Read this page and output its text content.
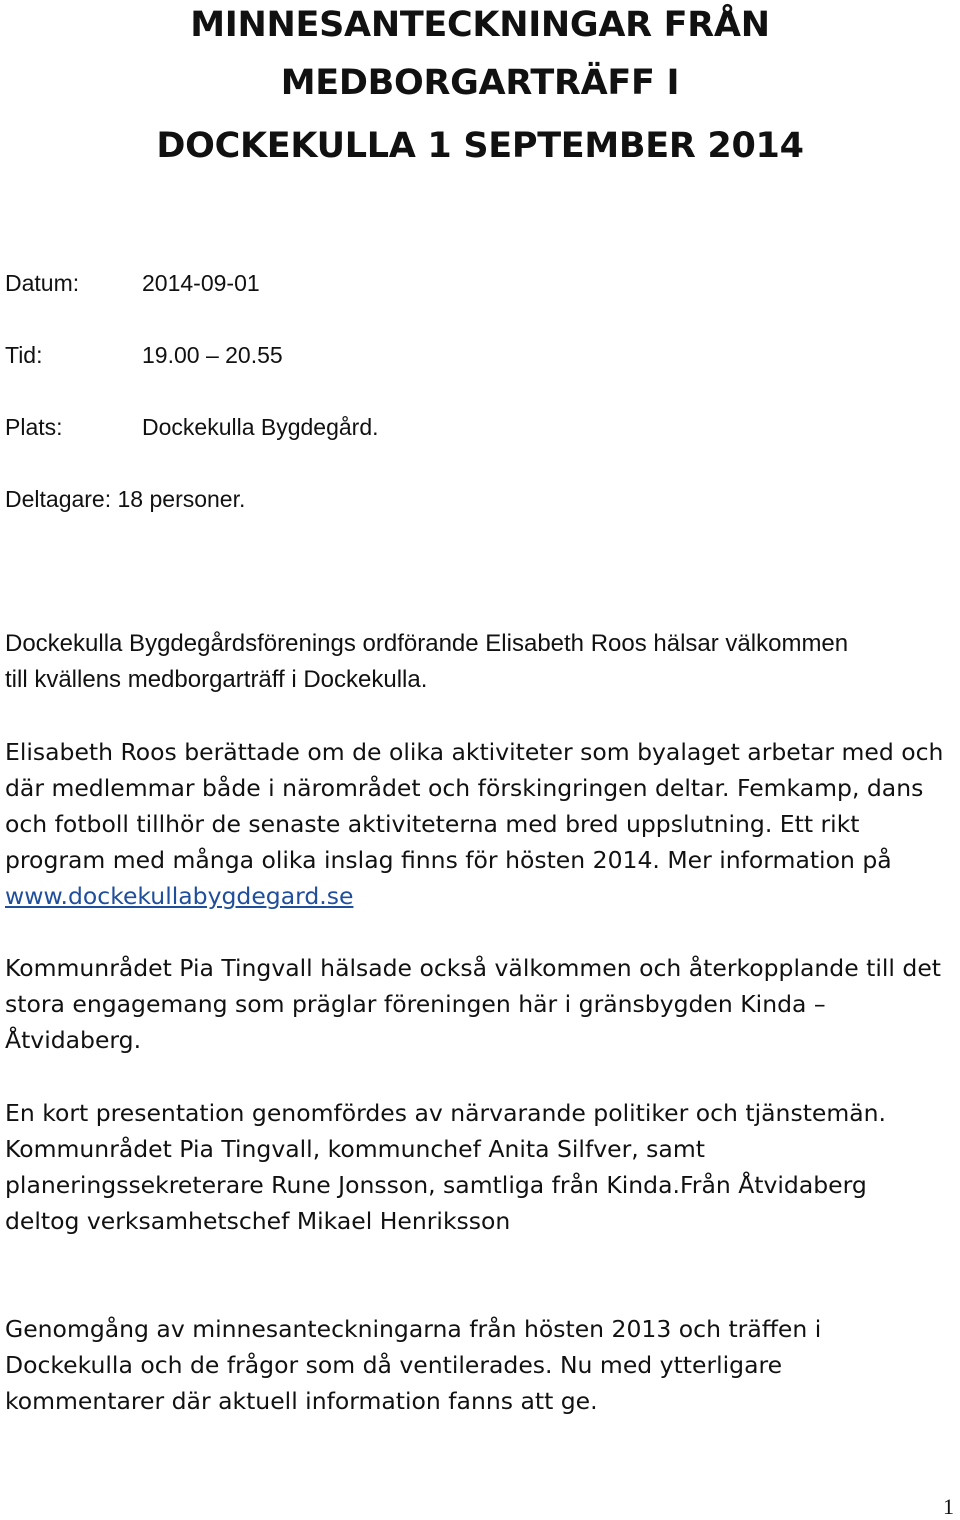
MINNESANTECKNINGAR FRÅN
MEDBORGARTRÄFF I
DOCKEKULLA 1 SEPTEMBER 2014
Datum:	2014-09-01
Tid:	19.00 – 20.55
Plats:	Dockekulla Bygdegård.
Deltagare: 18 personer.
Dockekulla Bygdegårdsförenings ordförande Elisabeth Roos hälsar välkommen
till kvällens medborgarträff i Dockekulla.
Elisabeth Roos berättade om de olika aktiviteter som byalaget arbetar med och
där medlemmar både i närområdet och förskingringen deltar. Femkamp, dans
och fotboll tillhör de senaste aktiviteterna med bred uppslutning. Ett rikt
program med många olika inslag finns för hösten 2014. Mer information på
www.dockekullabygdegard.se
Kommunrådet Pia Tingvall hälsade också välkommen och återkopplande till det
stora engagemang som präglar föreningen här i gränsbygden Kinda –
Åtvidaberg.
En kort presentation genomfördes av närvarande politiker och tjänstemän.
Kommunrådet Pia Tingvall, kommunchef Anita Silfver, samt
planeringssekreterare Rune Jonsson, samtliga från Kinda.Från Åtvidaberg
deltog verksamhetschef Mikael Henriksson
Genomgång av minnesanteckningarna från hösten 2013 och träffen i
Dockekulla och de frågor som då ventilerades. Nu med ytterligare
kommentarer där aktuell information fanns att ge.
1
